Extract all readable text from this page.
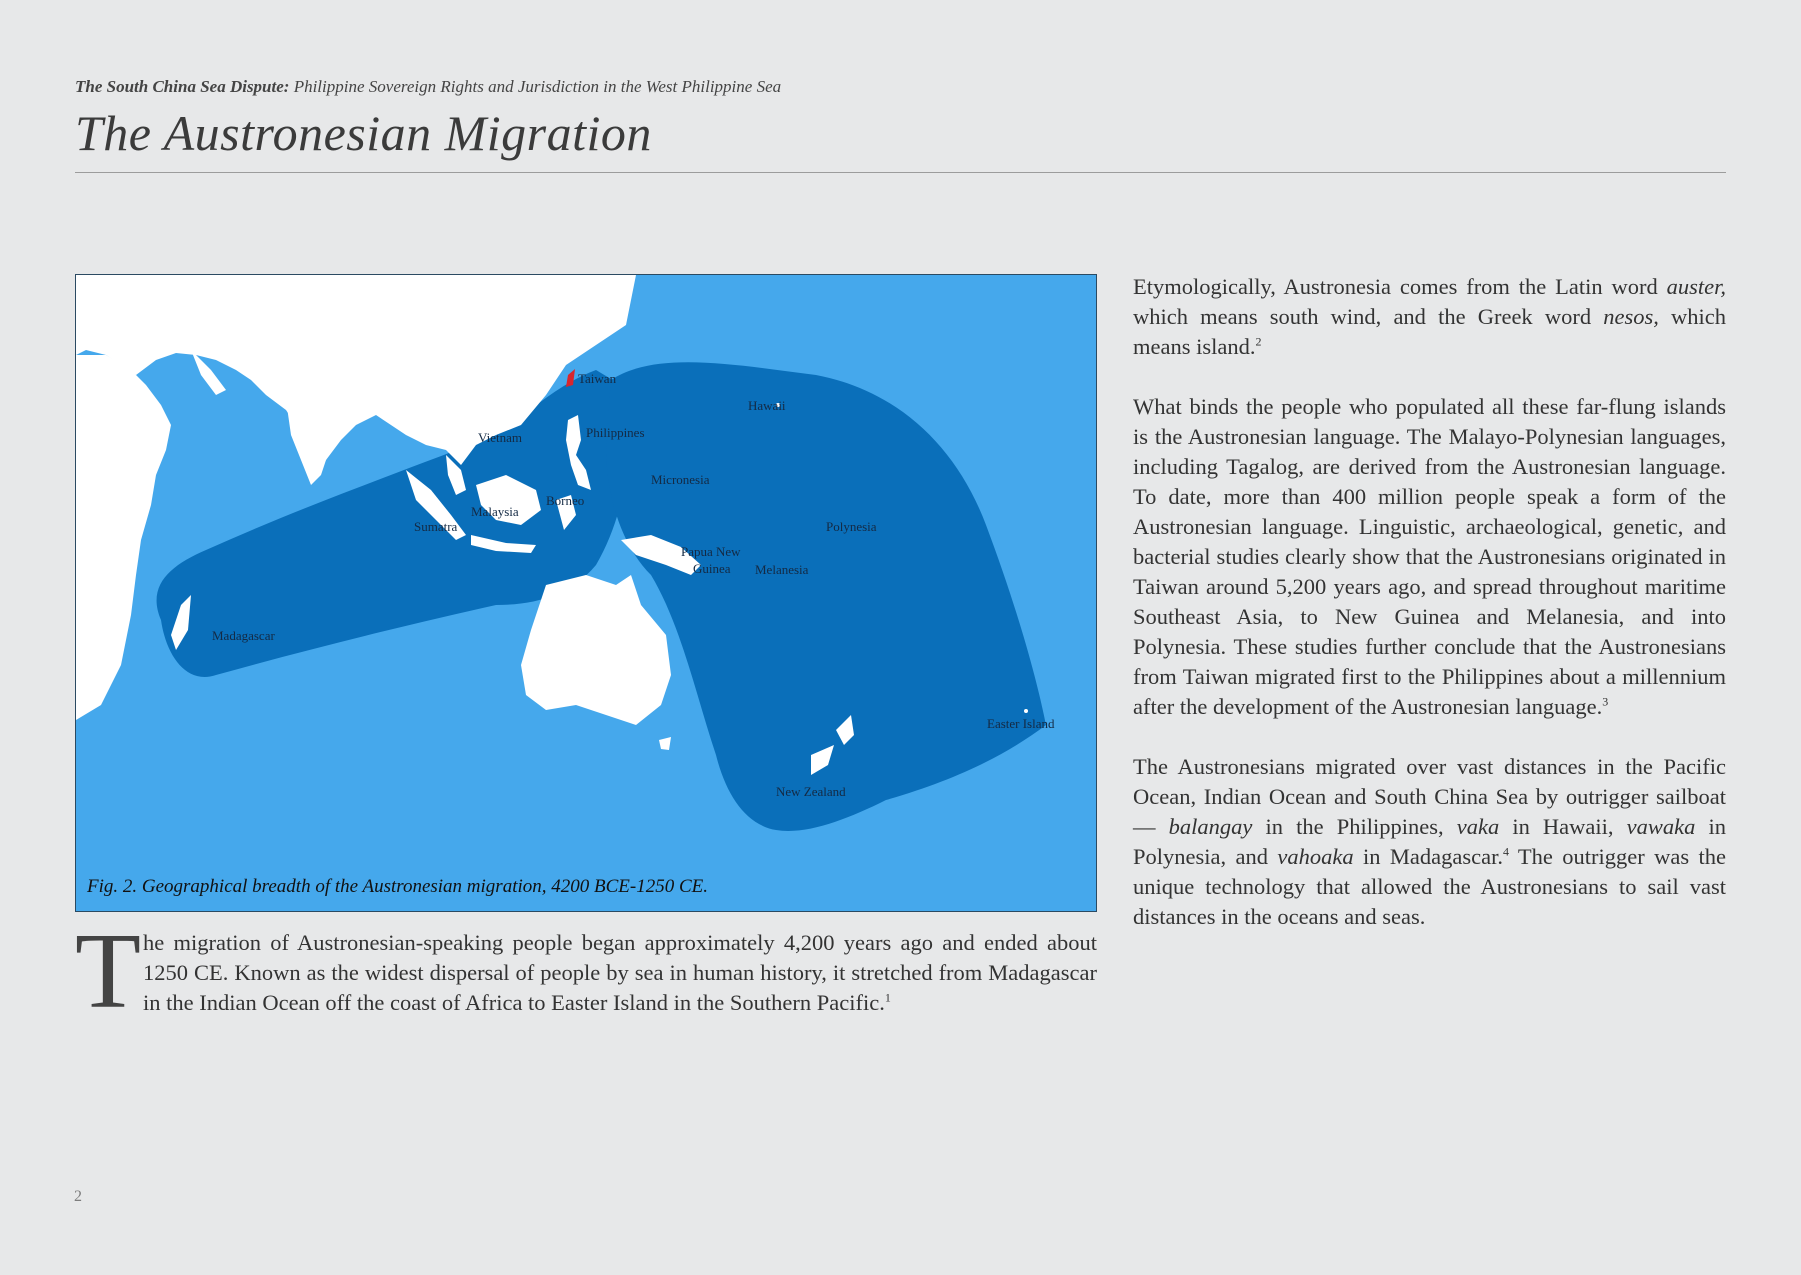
The South China Sea Dispute: Philippine Sovereign Rights and Jurisdiction in the West Philippine Sea
The Austronesian Migration
Taiwan
Hawaii
Vietnam	Philippines
Micronesia
Borneo
Malaysia
Sumatra	Polynesia
Papua New
Guinea Melanesia
Madagascar
Easter Island
New Zealand
Fig. 2. Geographical breadth of the Austronesian migration, 4200 BCE-1250 CE.
T he migration of Austronesian-speaking people began approximately 4,200 years ago and ended about 1250 CE. Known as the widest dispersal of people by sea in human history, it stretched from Madagascar in the Indian Ocean off the coast of Africa to Easter Island in the Southern Pacific.$^1$

Etymologically, Austronesia comes from the Latin word auster, which means south wind, and the Greek word nesos, which means island.$^2$

What binds the people who populated all these far-flung islands is the Austronesian language. The Malayo-Polynesian languages, including Tagalog, are derived from the Austronesian language. To date, more than 400 million people speak a form of the Austronesian language. Linguistic, archaeological, genetic, and bacterial studies clearly show that the Austronesians originated in Taiwan around 5,200 years ago, and spread throughout maritime Southeast Asia, to New Guinea and Melanesia, and into Polynesia. These studies further conclude that the Austronesians from Taiwan migrated first to the Philippines about a millennium after the development of the Austronesian language.$^3$

The Austronesians migrated over vast distances in the Pacific Ocean, Indian Ocean and South China Sea by outrigger sailboat — balangay in the Philippines, vaka in Hawaii, vawaka in Polynesia, and vahoaka in Madagascar.$^4$ The outrigger was the unique technology that allowed the Austronesians to sail vast distances in the oceans and seas.

2
